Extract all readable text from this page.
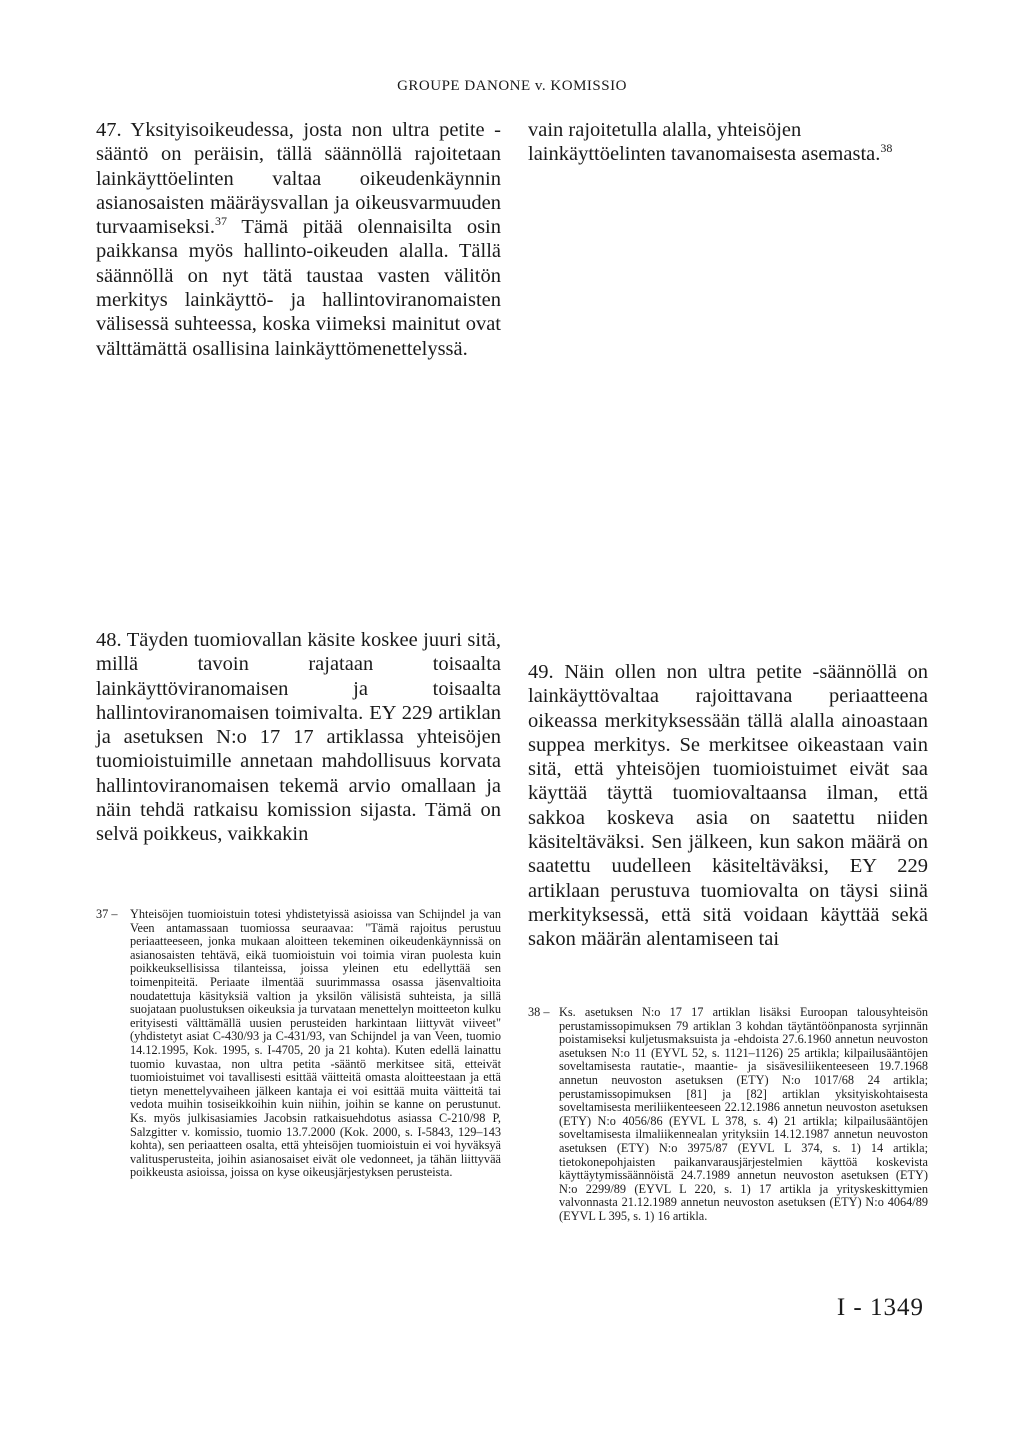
GROUPE DANONE v. KOMISSIO

47. Yksityisoikeudessa, josta non ultra petite -sääntö on peräisin, tällä säännöllä rajoitetaan lainkäyttöelinten valtaa oikeudenkäynnin asianosaisten määräysvallan ja oikeusvarmuuden turvaamiseksi.$^{37}$ Tämä pitää olennaisilta osin paikkansa myös hallinto-oikeuden alalla. Tällä säännöllä on nyt tätä taustaa vasten välitön merkitys lainkäyttö- ja hallintoviranomaisten välisessä suhteessa, koska viimeksi mainitut ovat välttämättä osallisina lainkäyttömenettelyssä.

vain rajoitetulla alalla, yhteisöjen lainkäyttöelinten tavanomaisesta asemasta.$^{38}$

48. Täyden tuomiovallan käsite koskee juuri sitä, millä tavoin rajataan toisaalta lainkäyttöviranomaisen ja toisaalta hallintoviranomaisen toimivalta. EY 229 artiklan ja asetuksen N:o 17 17 artiklassa yhteisöjen tuomioistuimille annetaan mahdollisuus korvata hallintoviranomaisen tekemä arvio omallaan ja näin tehdä ratkaisu komission sijasta. Tämä on selvä poikkeus, vaikkakin

49. Näin ollen non ultra petite -säännöllä on lainkäyttövaltaa rajoittavana periaatteena oikeassa merkityksessään tällä alalla ainoastaan suppea merkitys. Se merkitsee oikeastaan vain sitä, että yhteisöjen tuomioistuimet eivät saa käyttää täyttä tuomiovaltaansa ilman, että sakkoa koskeva asia on saatettu niiden käsiteltäväksi. Sen jälkeen, kun sakon määrä on saatettu uudelleen käsiteltäväksi, EY 229 artiklaan perustuva tuomiovalta on täysi siinä merkityksessä, että sitä voidaan käyttää sekä sakon määrän alentamiseen tai

37 – Yhteisöjen tuomioistuin totesi yhdistetyissä asioissa van Schijndel ja van Veen antamassaan tuomiossa seuraavaa: "Tämä rajoitus perustuu periaatteeseen, jonka mukaan aloitteen tekeminen oikeudenkäynnissä on asianosaisten tehtävä, eikä tuomioistuin voi toimia viran puolesta kuin poikkeuksellisissa tilanteissa, joissa yleinen etu edellyttää sen toimenpiteitä. Periaate ilmentää suurimmassa osassa jäsenvaltioita noudatettuja käsityksiä valtion ja yksilön välisistä suhteista, ja sillä suojataan puolustuksen oikeuksia ja turvataan menettelyn moitteeton kulku erityisesti välttämällä uusien perusteiden harkintaan liittyvät viiveet" (yhdistetyt asiat C-430/93 ja C-431/93, van Schijndel ja van Veen, tuomio 14.12.1995, Kok. 1995, s. I-4705, 20 ja 21 kohta). Kuten edellä lainattu tuomio kuvastaa, non ultra petita -sääntö merkitsee sitä, etteivät tuomioistuimet voi tavallisesti esittää väitteitä omasta aloitteestaan ja että tietyn menettelyvaiheen jälkeen kantaja ei voi esittää muita väitteitä tai vedota muihin tosiseikkoihin kuin niihin, joihin se kanne on perustunut. Ks. myös julkisasiamies Jacobsin ratkaisuehdotus asiassa C-210/98 P, Salzgitter v. komissio, tuomio 13.7.2000 (Kok. 2000, s. I-5843, 129–143 kohta), sen periaatteen osalta, että yhteisöjen tuomioistuin ei voi hyväksyä valitusperusteita, joihin asianosaiset eivät ole vedonneet, ja tähän liittyvää poikkeusta asioissa, joissa on kyse oikeusjärjestyksen perusteista.
38 – Ks. asetuksen N:o 17 17 artiklan lisäksi Euroopan talousyhteisön perustamissopimuksen 79 artiklan 3 kohdan täytäntöönpanosta syrjinnän poistamiseksi kuljetusmaksuista ja -ehdoista 27.6.1960 annetun neuvoston asetuksen N:o 11 (EYVL 52, s. 1121–1126) 25 artikla; kilpailusääntöjen soveltamisesta rautatie-, maantie- ja sisävesiliikenteeseen 19.7.1968 annetun neuvoston asetuksen (ETY) N:o 1017/68 24 artikla; perustamissopimuksen [81] ja [82] artiklan yksityiskohtaisesta soveltamisesta meriliikenteeseen 22.12.1986 annetun neuvoston asetuksen (ETY) N:o 4056/86 (EYVL L 378, s. 4) 21 artikla; kilpailusääntöjen soveltamisesta ilmaliikennealan yrityksiin 14.12.1987 annetun neuvoston asetuksen (ETY) N:o 3975/87 (EYVL L 374, s. 1) 14 artikla; tietokonepohjaisten paikanvarausjärjestelmien käyttöä koskevista käyttäytymissäännöistä 24.7.1989 annetun neuvoston asetuksen (ETY) N:o 2299/89 (EYVL L 220, s. 1) 17 artikla ja yrityskeskittymien valvonnasta 21.12.1989 annetun neuvoston asetuksen (ETY) N:o 4064/89 (EYVL L 395, s. 1) 16 artikla.
I - 1349
